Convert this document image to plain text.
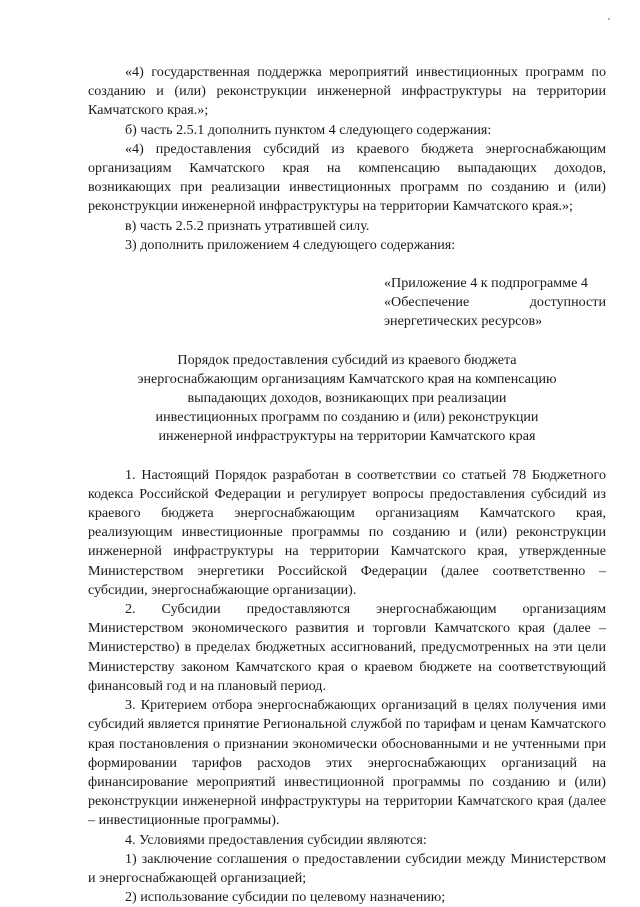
«4) государственная поддержка мероприятий инвестиционных программ по созданию и (или) реконструкции инженерной инфраструктуры на территории Камчатского края.»;

б) часть 2.5.1 дополнить пунктом 4 следующего содержания:

«4) предоставления субсидий из краевого бюджета энергоснабжающим организациям Камчатского края на компенсацию выпадающих доходов, возникающих при реализации инвестиционных программ по созданию и (или) реконструкции инженерной инфраструктуры на территории Камчатского края.»;

в) часть 2.5.2 признать утратившей силу.

3) дополнить приложением 4 следующего содержания:

«Приложение 4 к подпрограмме 4

«Обеспечение доступности энергетических ресурсов»

Порядок предоставления субсидий из краевого бюджета энергоснабжающим организациям Камчатского края на компенсацию выпадающих доходов, возникающих при реализации инвестиционных программ по созданию и (или) реконструкции инженерной инфраструктуры на территории Камчатского края

1. Настоящий Порядок разработан в соответствии со статьей 78 Бюджетного кодекса Российской Федерации и регулирует вопросы предоставления субсидий из краевого бюджета энергоснабжающим организациям Камчатского края, реализующим инвестиционные программы по созданию и (или) реконструкции инженерной инфраструктуры на территории Камчатского края, утвержденные Министерством энергетики Российской Федерации (далее соответственно – субсидии, энергоснабжающие организации).

2. Субсидии предоставляются энергоснабжающим организациям Министерством экономического развития и торговли Камчатского края (далее – Министерство) в пределах бюджетных ассигнований, предусмотренных на эти цели Министерству законом Камчатского края о краевом бюджете на соответствующий финансовый год и на плановый период.

3. Критерием отбора энергоснабжающих организаций в целях получения ими субсидий является принятие Региональной службой по тарифам и ценам Камчатского края постановления о признании экономически обоснованными и не учтенными при формировании тарифов расходов этих энергоснабжающих организаций на финансирование мероприятий инвестиционной программы по созданию и (или) реконструкции инженерной инфраструктуры на территории Камчатского края (далее – инвестиционные программы).

4. Условиями предоставления субсидии являются:

1) заключение соглашения о предоставлении субсидии между Министерством и энергоснабжающей организацией;

2) использование субсидии по целевому назначению;
